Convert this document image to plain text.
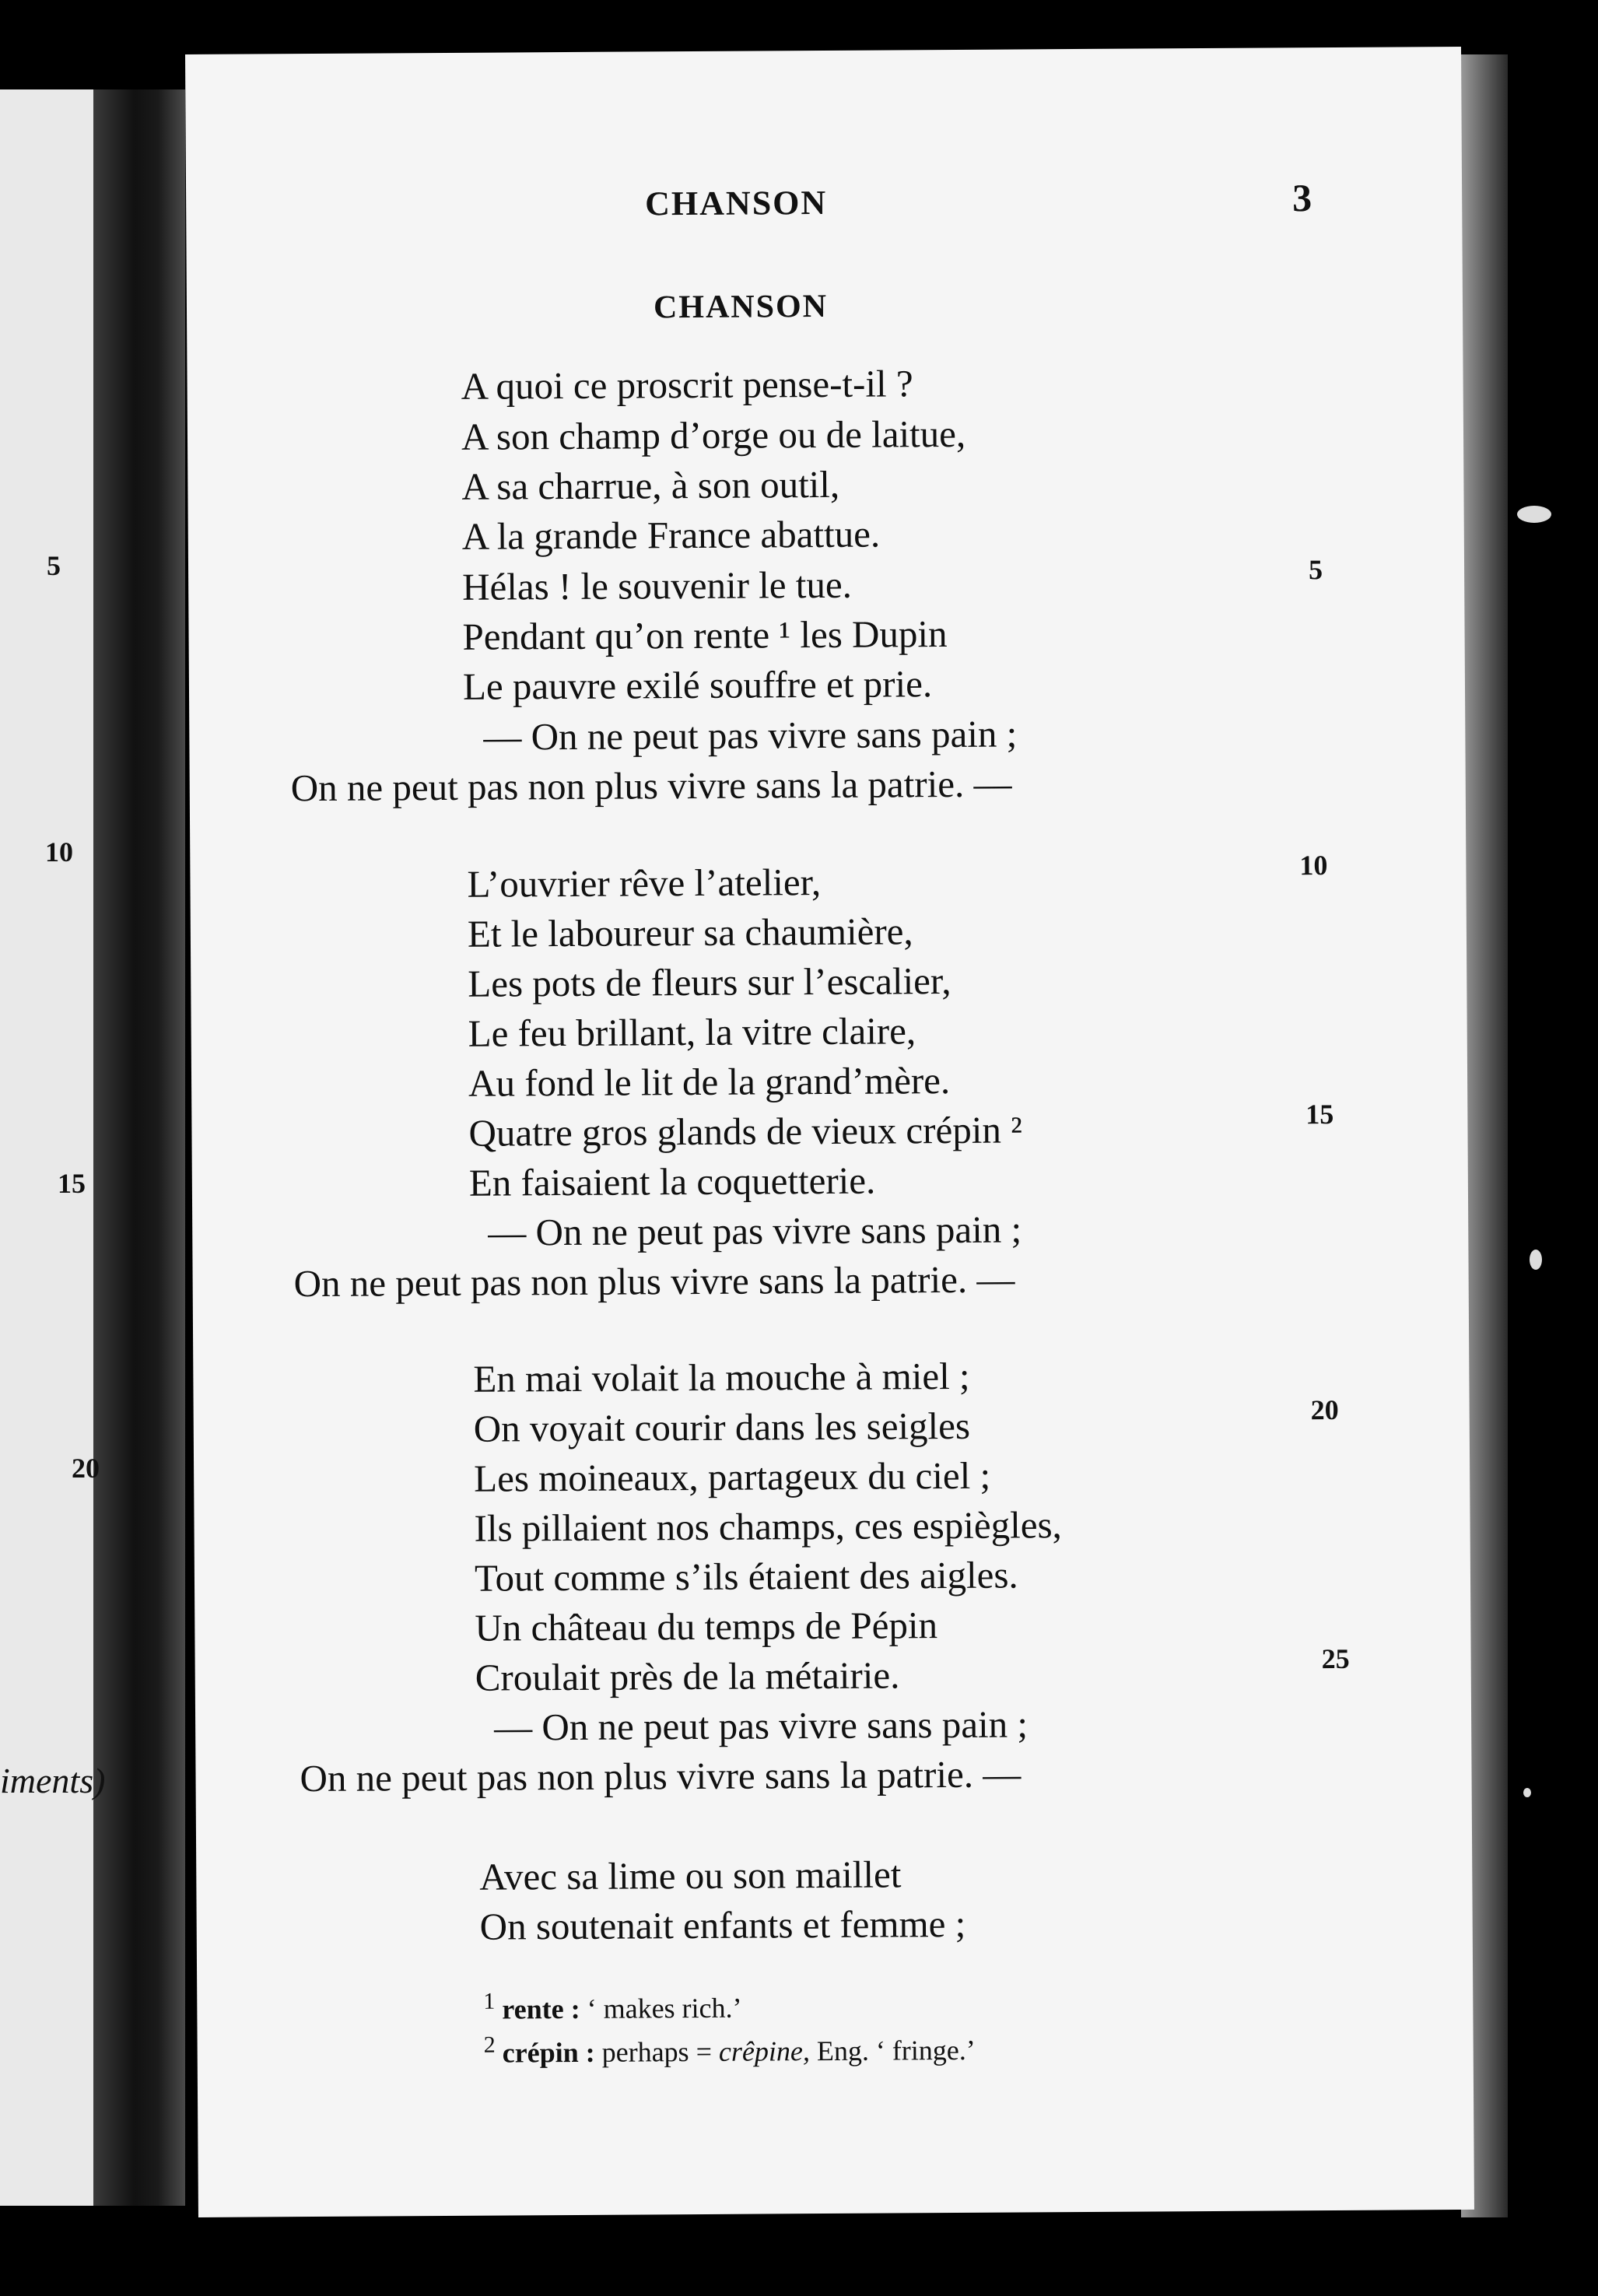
5
10
15
20
iments)
CHANSON	3
CHANSON
A quoi ce proscrit pense-t-il ?
A son champ d’orge ou de laitue,
A sa charrue, à son outil,
A la grande France abattue.
Hélas ! le souvenir le tue.
Pendant qu’on rente ¹ les Dupin
Le pauvre exilé souffre et prie.
— On ne peut pas vivre sans pain ;
On ne peut pas non plus vivre sans la patrie. —
L’ouvrier rêve l’atelier,
Et le laboureur sa chaumière,
Les pots de fleurs sur l’escalier,
Le feu brillant, la vitre claire,
Au fond le lit de la grand’mère.
Quatre gros glands de vieux crépin ²
En faisaient la coquetterie.
— On ne peut pas vivre sans pain ;
On ne peut pas non plus vivre sans la patrie. —
En mai volait la mouche à miel ;
On voyait courir dans les seigles
Les moineaux, partageux du ciel ;
Ils pillaient nos champs, ces espiègles,
Tout comme s’ils étaient des aigles.
Un château du temps de Pépin
Croulait près de la métairie.
— On ne peut pas vivre sans pain ;
On ne peut pas non plus vivre sans la patrie. —
Avec sa lime ou son maillet
On soutenait enfants et femme ;
5
10
15
20
25
$^1$ rente : ‘ makes rich.’
$^2$ crépin : perhaps = crêpine, Eng. ‘ fringe.’
